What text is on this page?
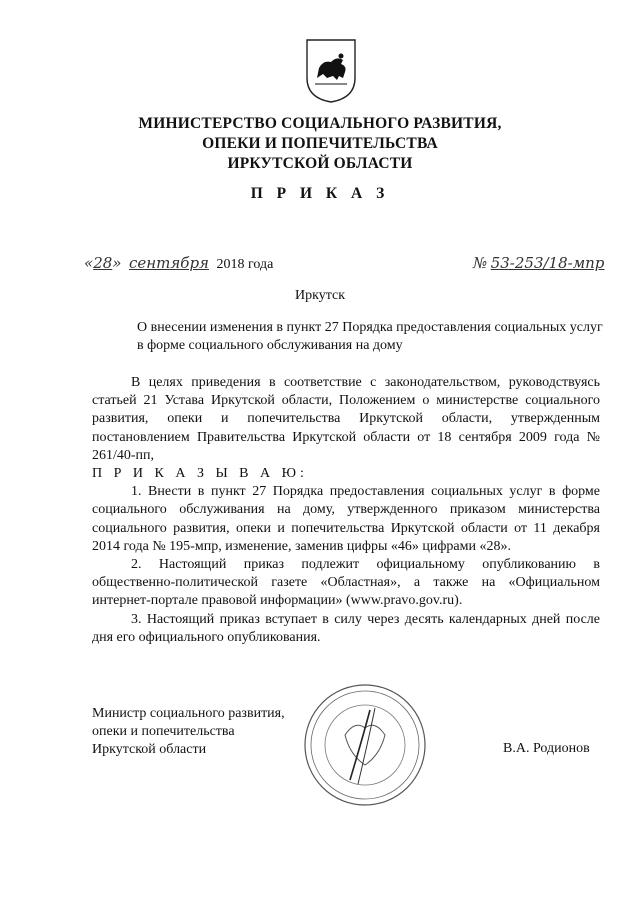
МИНИСТЕРСТВО СОЦИАЛЬНОГО РАЗВИТИЯ,
ОПЕКИ И ПОПЕЧИТЕЛЬСТВА
ИРКУТСКОЙ ОБЛАСТИ
П Р И К А З
«28» сентября 2018 года	№ 53-253/18-мпр
Иркутск
О внесении изменения в пункт 27 Порядка предоставления социальных услуг в форме социального обслуживания на дому

В целях приведения в соответствие с законодательством, руководствуясь статьей 21 Устава Иркутской области, Положением о министерстве социального развития, опеки и попечительства Иркутской области, утвержденным постановлением Правительства Иркутской области от 18 сентября 2009 года № 261/40-пп,

П Р И К А З Ы В А Ю:

1. Внести в пункт 27 Порядка предоставления социальных услуг в форме социального обслуживания на дому, утвержденного приказом министерства социального развития, опеки и попечительства Иркутской области от 11 декабря 2014 года № 195-мпр, изменение, заменив цифры «46» цифрами «28».

2. Настоящий приказ подлежит официальному опубликованию в общественно-политической газете «Областная», а также на «Официальном интернет-портале правовой информации» (www.pravo.gov.ru).

3. Настоящий приказ вступает в силу через десять календарных дней после дня его официального опубликования.

Министр социального развития,
опеки и попечительства
Иркутской области	В.А. Родионов
